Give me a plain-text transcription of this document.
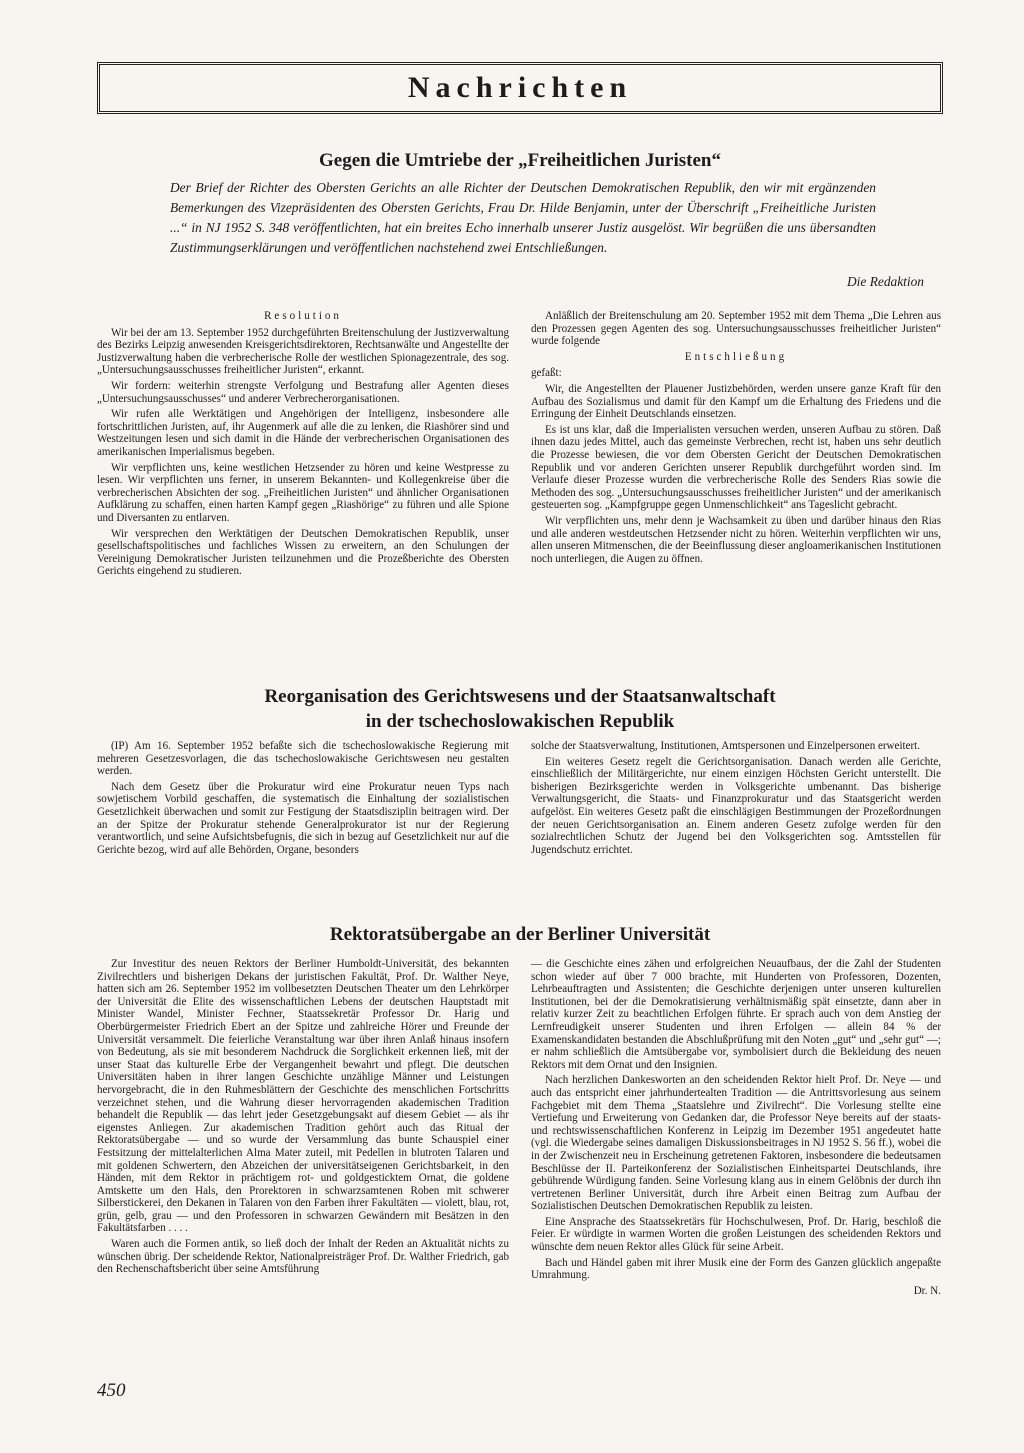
Nachrichten
Gegen die Umtriebe der „Freiheitlichen Juristen“

Der Brief der Richter des Obersten Gerichts an alle Richter der Deutschen Demokratischen Republik, den wir mit ergänzenden Bemerkungen des Vizepräsidenten des Obersten Gerichts, Frau Dr. Hilde Benjamin, unter der Überschrift „Freiheitliche Juristen ...“ in NJ 1952 S. 348 veröffentlichten, hat ein breites Echo innerhalb unserer Justiz ausgelöst. Wir begrüßen die uns übersandten Zustimmungserklärungen und veröffentlichen nachstehend zwei Entschließungen.

Die Redaktion

Resolution

Wir bei der am 13. September 1952 durchgeführten Breitenschulung der Justizverwaltung des Bezirks Leipzig anwesenden Kreisgerichtsdirektoren, Rechtsanwälte und Angestellte der Justizverwaltung haben die verbrecherische Rolle der westlichen Spionagezentrale, des sog. „Untersuchungsausschusses freiheitlicher Juristen“, erkannt.

Wir fordern: weiterhin strengste Verfolgung und Bestrafung aller Agenten dieses „Untersuchungsausschusses“ und anderer Verbrecherorganisationen.

Wir rufen alle Werktätigen und Angehörigen der Intelligenz, insbesondere alle fortschrittlichen Juristen, auf, ihr Augenmerk auf alle die zu lenken, die Riashörer sind und Westzeitungen lesen und sich damit in die Hände der verbrecherischen Organisationen des amerikanischen Imperialismus begeben.

Wir verpflichten uns, keine westlichen Hetzsender zu hören und keine Westpresse zu lesen. Wir verpflichten uns ferner, in unserem Bekannten- und Kollegenkreise über die verbrecherischen Absichten der sog. „Freiheitlichen Juristen“ und ähnlicher Organisationen Aufklärung zu schaffen, einen harten Kampf gegen „Riashörige“ zu führen und alle Spione und Diversanten zu entlarven.

Wir versprechen den Werktätigen der Deutschen Demokratischen Republik, unser gesellschaftspolitisches und fachliches Wissen zu erweitern, an den Schulungen der Vereinigung Demokratischer Juristen teilzunehmen und die Prozeßberichte des Obersten Gerichts eingehend zu studieren.

Anläßlich der Breitenschulung am 20. September 1952 mit dem Thema „Die Lehren aus den Prozessen gegen Agenten des sog. Untersuchungsausschusses freiheitlicher Juristen“ wurde folgende

Entschließung

gefaßt:

Wir, die Angestellten der Plauener Justizbehörden, werden unsere ganze Kraft für den Aufbau des Sozialismus und damit für den Kampf um die Erhaltung des Friedens und die Erringung der Einheit Deutschlands einsetzen.

Es ist uns klar, daß die Imperialisten versuchen werden, unseren Aufbau zu stören. Daß ihnen dazu jedes Mittel, auch das gemeinste Verbrechen, recht ist, haben uns sehr deutlich die Prozesse bewiesen, die vor dem Obersten Gericht der Deutschen Demokratischen Republik und vor anderen Gerichten unserer Republik durchgeführt worden sind. Im Verlaufe dieser Prozesse wurden die verbrecherische Rolle des Senders Rias sowie die Methoden des sog. „Untersuchungsausschusses freiheitlicher Juristen“ und der amerikanisch gesteuerten sog. „Kampfgruppe gegen Unmenschlichkeit“ ans Tageslicht gebracht.

Wir verpflichten uns, mehr denn je Wachsamkeit zu üben und darüber hinaus den Rias und alle anderen westdeutschen Hetzsender nicht zu hören. Weiterhin verpflichten wir uns, allen unseren Mitmenschen, die der Beeinflussung dieser angloamerikanischen Institutionen noch unterliegen, die Augen zu öffnen.

Reorganisation des Gerichtswesens und der Staatsanwaltschaft
in der tschechoslowakischen Republik

(IP) Am 16. September 1952 befaßte sich die tschechoslowakische Regierung mit mehreren Gesetzesvorlagen, die das tschechoslowakische Gerichtswesen neu gestalten werden.

Nach dem Gesetz über die Prokuratur wird eine Prokuratur neuen Typs nach sowjetischem Vorbild geschaffen, die systematisch die Einhaltung der sozialistischen Gesetzlichkeit überwachen und somit zur Festigung der Staatsdisziplin beitragen wird. Der an der Spitze der Prokuratur stehende Generalprokurator ist nur der Regierung verantwortlich, und seine Aufsichtsbefugnis, die sich in bezug auf Gesetzlichkeit nur auf die Gerichte bezog, wird auf alle Behörden, Organe, besonders

solche der Staatsverwaltung, Institutionen, Amtspersonen und Einzelpersonen erweitert.

Ein weiteres Gesetz regelt die Gerichtsorganisation. Danach werden alle Gerichte, einschließlich der Militärgerichte, nur einem einzigen Höchsten Gericht unterstellt. Die bisherigen Bezirksgerichte werden in Volksgerichte umbenannt. Das bisherige Verwaltungsgericht, die Staats- und Finanzprokuratur und das Staatsgericht werden aufgelöst. Ein weiteres Gesetz paßt die einschlägigen Bestimmungen der Prozeßordnungen der neuen Gerichtsorganisation an. Einem anderen Gesetz zufolge werden für den sozialrechtlichen Schutz der Jugend bei den Volksgerichten sog. Amtsstellen für Jugendschutz errichtet.

Rektoratsübergabe an der Berliner Universität

Zur Investitur des neuen Rektors der Berliner Humboldt-Universität, des bekannten Zivilrechtlers und bisherigen Dekans der juristischen Fakultät, Prof. Dr. Walther Neye, hatten sich am 26. September 1952 im vollbesetzten Deutschen Theater um den Lehrkörper der Universität die Elite des wissenschaftlichen Lebens der deutschen Hauptstadt mit Minister Wandel, Minister Fechner, Staatssekretär Professor Dr. Harig und Oberbürgermeister Friedrich Ebert an der Spitze und zahlreiche Hörer und Freunde der Universität versammelt. Die feierliche Veranstaltung war über ihren Anlaß hinaus insofern von Bedeutung, als sie mit besonderem Nachdruck die Sorglichkeit erkennen ließ, mit der unser Staat das kulturelle Erbe der Vergangenheit bewahrt und pflegt. Die deutschen Universitäten haben in ihrer langen Geschichte unzählige Männer und Leistungen hervorgebracht, die in den Ruhmesblättern der Geschichte des menschlichen Fortschritts verzeichnet stehen, und die Wahrung dieser hervorragenden akademischen Tradition behandelt die Republik — das lehrt jeder Gesetzgebungsakt auf diesem Gebiet — als ihr eigenstes Anliegen. Zur akademischen Tradition gehört auch das Ritual der Rektoratsübergabe — und so wurde der Versammlung das bunte Schauspiel einer Festsitzung der mittelalterlichen Alma Mater zuteil, mit Pedellen in blutroten Talaren und mit goldenen Schwertern, den Abzeichen der universitätseigenen Gerichtsbarkeit, in den Händen, mit dem Rektor in prächtigem rot- und goldgesticktem Ornat, die goldene Amtskette um den Hals, den Prorektoren in schwarzsamtenen Roben mit schwerer Silberstickerei, den Dekanen in Talaren von den Farben ihrer Fakultäten — violett, blau, rot, grün, gelb, grau — und den Professoren in schwarzen Gewändern mit Besätzen in den Fakultätsfarben . . . .

Waren auch die Formen antik, so ließ doch der Inhalt der Reden an Aktualität nichts zu wünschen übrig. Der scheidende Rektor, Nationalpreisträger Prof. Dr. Walther Friedrich, gab den Rechenschaftsbericht über seine Amtsführung

— die Geschichte eines zähen und erfolgreichen Neuaufbaus, der die Zahl der Studenten schon wieder auf über 7 000 brachte, mit Hunderten von Professoren, Dozenten, Lehrbeauftragten und Assistenten; die Geschichte derjenigen unter unseren kulturellen Institutionen, bei der die Demokratisierung verhältnismäßig spät einsetzte, dann aber in relativ kurzer Zeit zu beachtlichen Erfolgen führte. Er sprach auch von dem Anstieg der Lernfreudigkeit unserer Studenten und ihren Erfolgen — allein 84 % der Examenskandidaten bestanden die Abschlußprüfung mit den Noten „gut“ und „sehr gut“ —; er nahm schließlich die Amtsübergabe vor, symbolisiert durch die Bekleidung des neuen Rektors mit dem Ornat und den Insignien.

Nach herzlichen Dankesworten an den scheidenden Rektor hielt Prof. Dr. Neye — und auch das entspricht einer jahrhundertealten Tradition — die Antrittsvorlesung aus seinem Fachgebiet mit dem Thema „Staatslehre und Zivilrecht“. Die Vorlesung stellte eine Vertiefung und Erweiterung von Gedanken dar, die Professor Neye bereits auf der staats- und rechtswissenschaftlichen Konferenz in Leipzig im Dezember 1951 angedeutet hatte (vgl. die Wiedergabe seines damaligen Diskussionsbeitrages in NJ 1952 S. 56 ff.), wobei die in der Zwischenzeit neu in Erscheinung getretenen Faktoren, insbesondere die bedeutsamen Beschlüsse der II. Parteikonferenz der Sozialistischen Einheitspartei Deutschlands, ihre gebührende Würdigung fanden. Seine Vorlesung klang aus in einem Gelöbnis der durch ihn vertretenen Berliner Universität, durch ihre Arbeit einen Beitrag zum Aufbau der Sozialistischen Deutschen Demokratischen Republik zu leisten.

Eine Ansprache des Staatssekretärs für Hochschulwesen, Prof. Dr. Harig, beschloß die Feier. Er würdigte in warmen Worten die großen Leistungen des scheidenden Rektors und wünschte dem neuen Rektor alles Glück für seine Arbeit.

Bach und Händel gaben mit ihrer Musik eine der Form des Ganzen glücklich angepaßte Umrahmung.

Dr. N.

450
